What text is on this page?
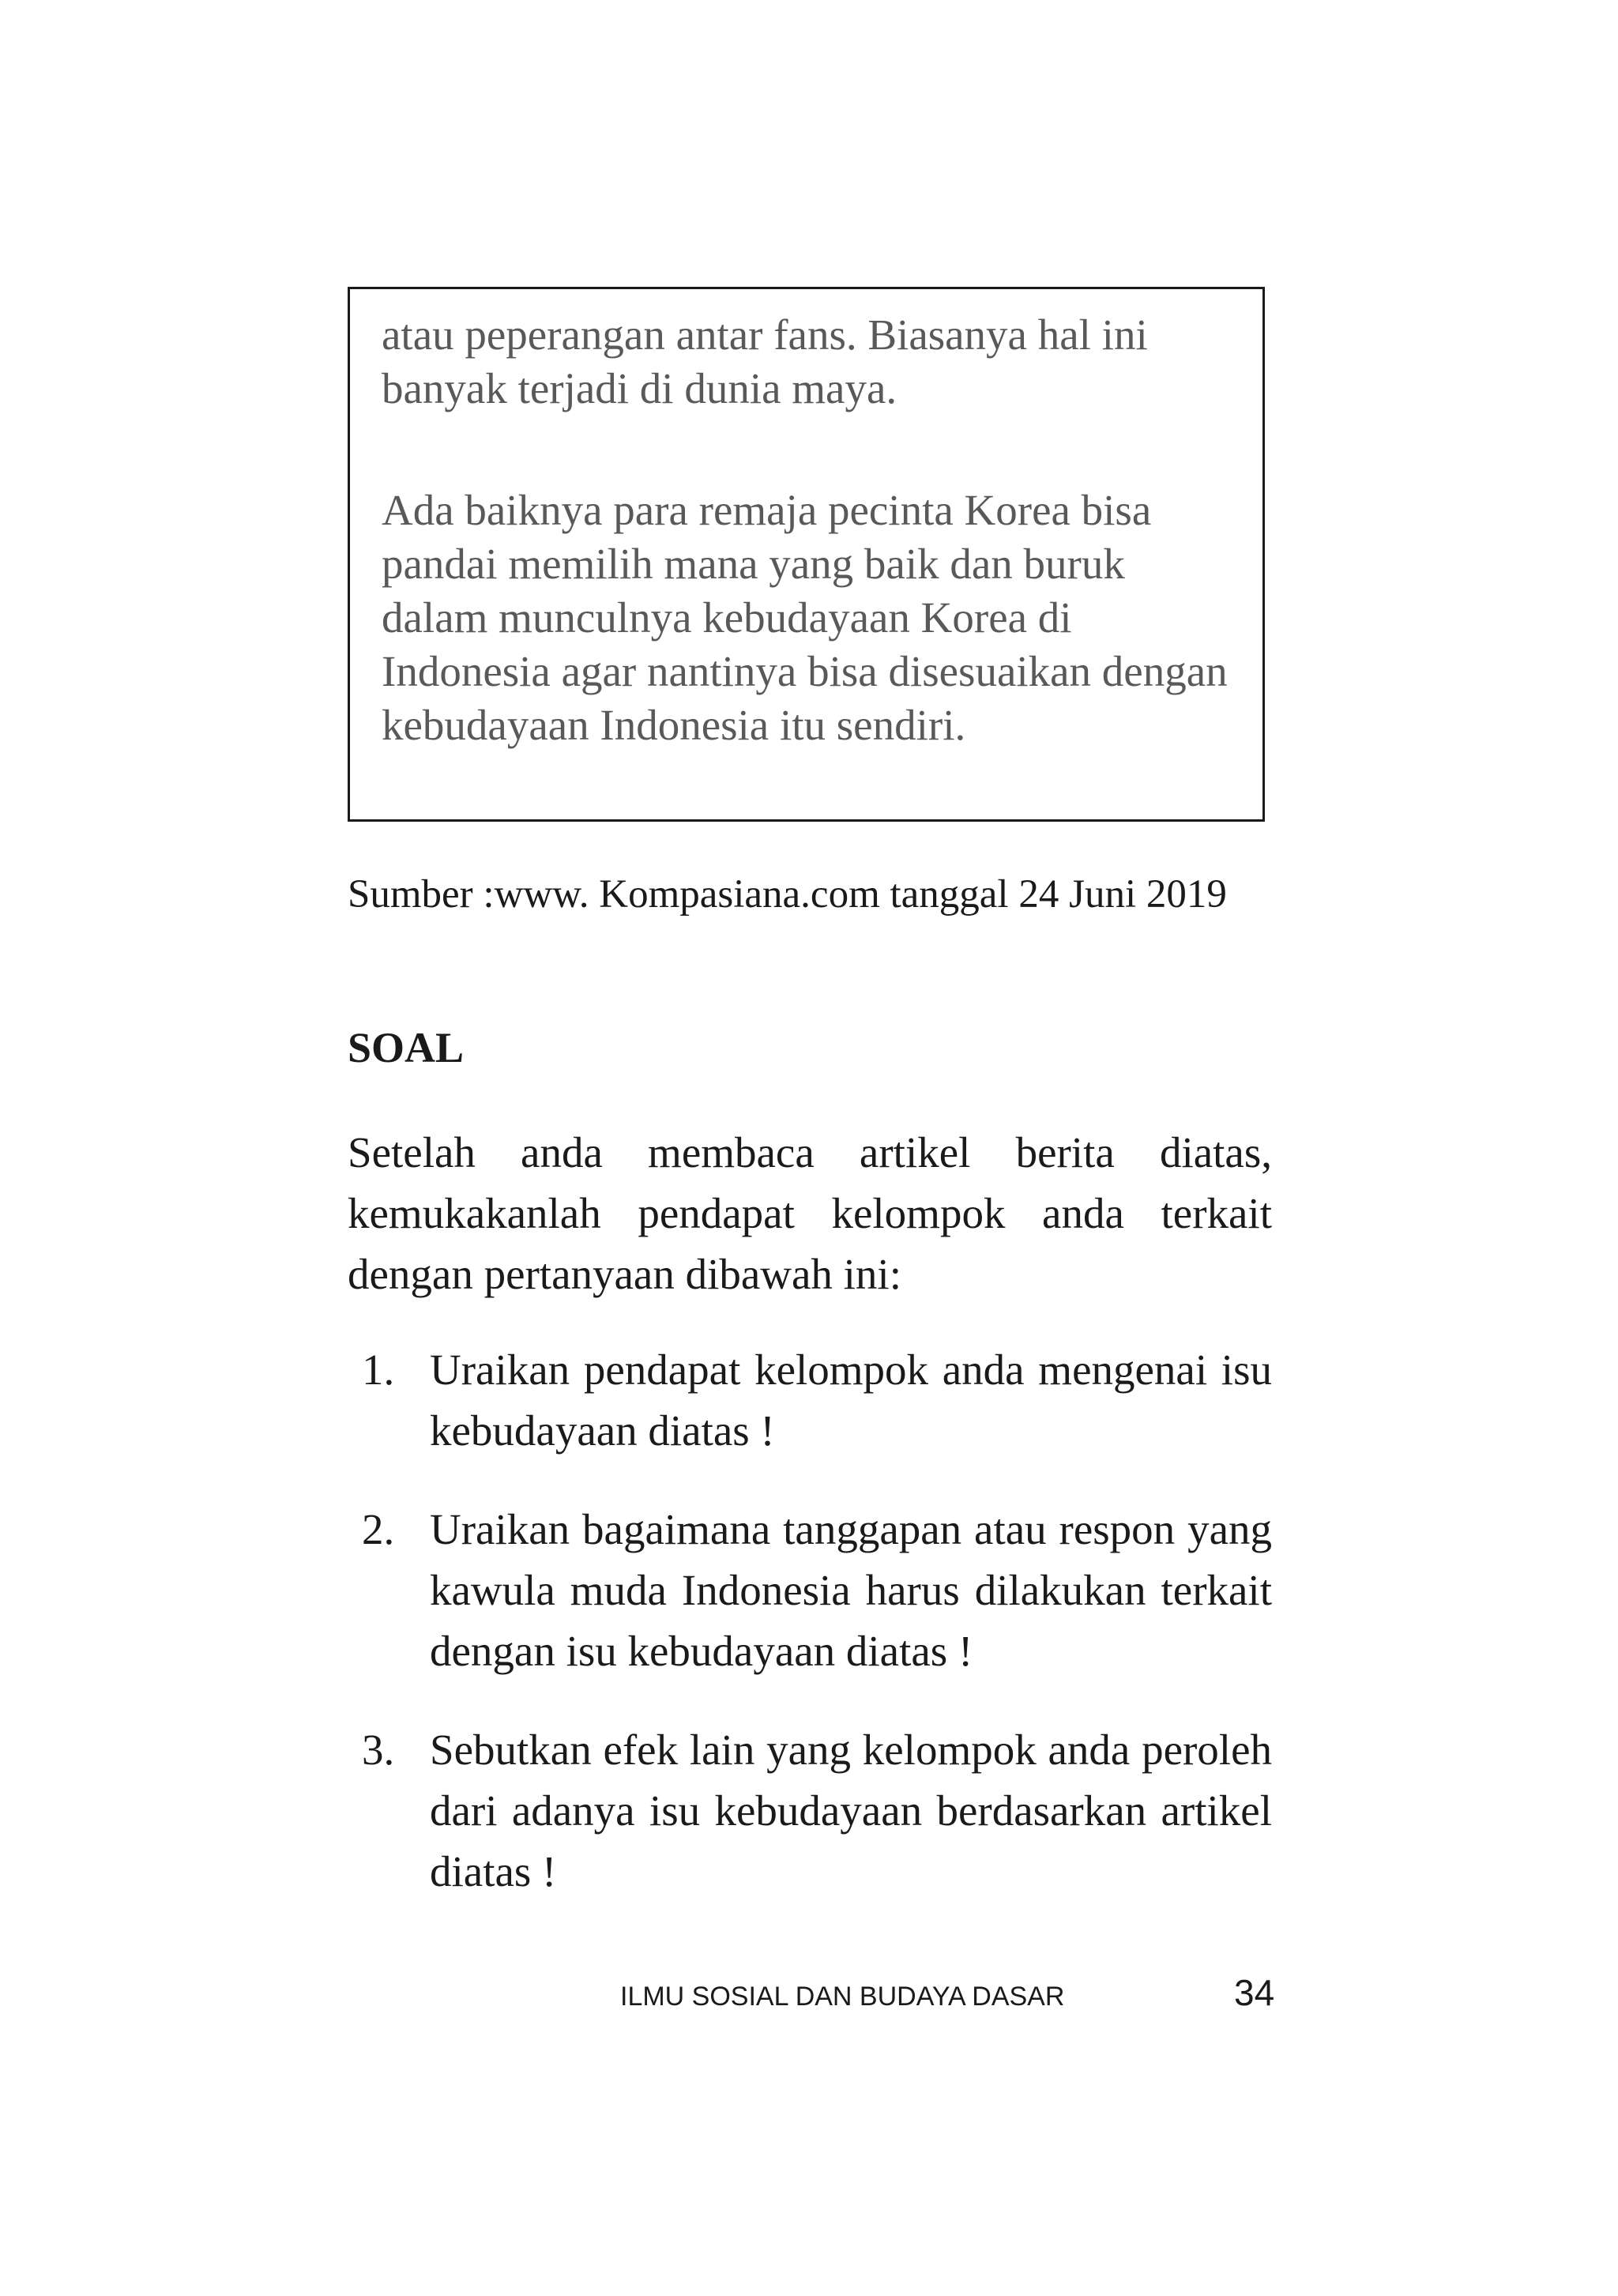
atau peperangan antar fans. Biasanya hal ini banyak terjadi di dunia maya.

Ada baiknya para remaja pecinta Korea bisa pandai memilih mana yang baik dan buruk dalam munculnya kebudayaan Korea di Indonesia agar nantinya bisa disesuaikan dengan kebudayaan Indonesia itu sendiri.

Sumber :www. Kompasiana.com tanggal 24 Juni 2019

SOAL

Setelah anda membaca artikel berita diatas, kemukakanlah pendapat kelompok anda terkait dengan pertanyaan dibawah ini:

1. Uraikan pendapat kelompok anda mengenai isu kebudayaan diatas !
2. Uraikan bagaimana tanggapan atau respon yang kawula muda Indonesia harus dilakukan terkait dengan isu kebudayaan diatas !
3. Sebutkan efek lain yang kelompok anda peroleh dari adanya isu kebudayaan berdasarkan artikel diatas !

ILMU SOSIAL DAN BUDAYA DASAR	34
